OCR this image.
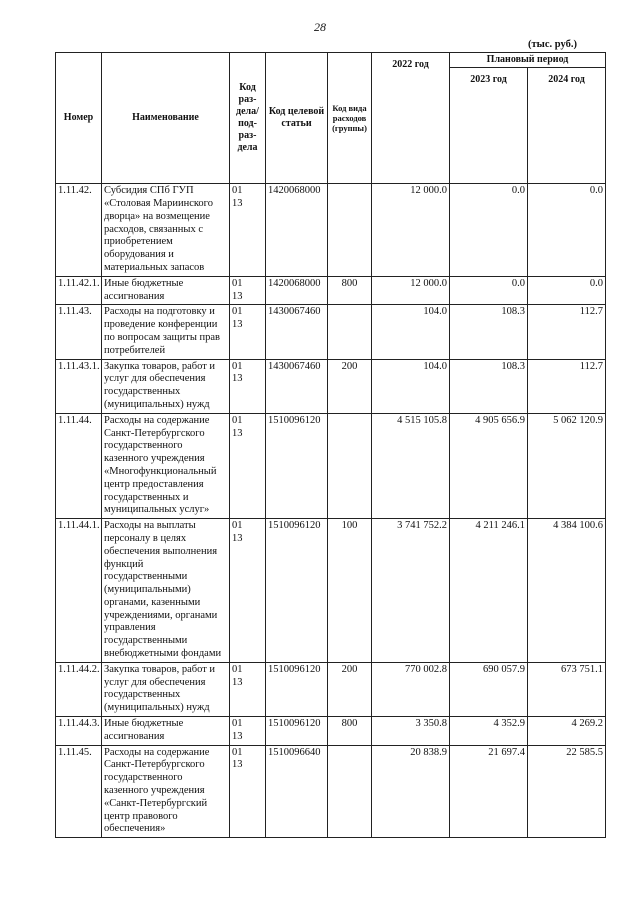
28
(тыс. руб.)
Номер	Наименование	Код раз-дела/ под-раз-дела	Код целевой статьи	Код вида расходов (группы)	2022 год	Плановый период	
						2023 год	2024 год
1.11.42.	Субсидия СПб ГУП «Столовая Мариинского дворца» на возмещение расходов, связанных с приобретением оборудования и материальных запасов	0113	1420068000		12 000.0	0.0	0.0
1.11.42.1.	Иные бюджетные ассигнования	0113	1420068000	800	12 000.0	0.0	0.0
1.11.43.	Расходы на подготовку и проведение конференции по вопросам защиты прав потребителей	0113	1430067460		104.0	108.3	112.7
1.11.43.1.	Закупка товаров, работ и услуг для обеспечения государственных (муниципальных) нужд	0113	1430067460	200	104.0	108.3	112.7
1.11.44.	Расходы на содержание Санкт-Петербургского государственного казенного учреждения «Многофункциональный центр предоставления государственных и муниципальных услуг»	0113	1510096120		4 515 105.8	4 905 656.9	5 062 120.9
1.11.44.1.	Расходы на выплаты персоналу в целях обеспечения выполнения функций государственными (муниципальными) органами, казенными учреждениями, органами управления государственными внебюджетными фондами	0113	1510096120	100	3 741 752.2	4 211 246.1	4 384 100.6
1.11.44.2.	Закупка товаров, работ и услуг для обеспечения государственных (муниципальных) нужд	0113	1510096120	200	770 002.8	690 057.9	673 751.1
1.11.44.3.	Иные бюджетные ассигнования	0113	1510096120	800	3 350.8	4 352.9	4 269.2
1.11.45.	Расходы на содержание Санкт-Петербургского государственного казенного учреждения «Санкт-Петербургский центр правового обеспечения»	0113	1510096640		20 838.9	21 697.4	22 585.5
